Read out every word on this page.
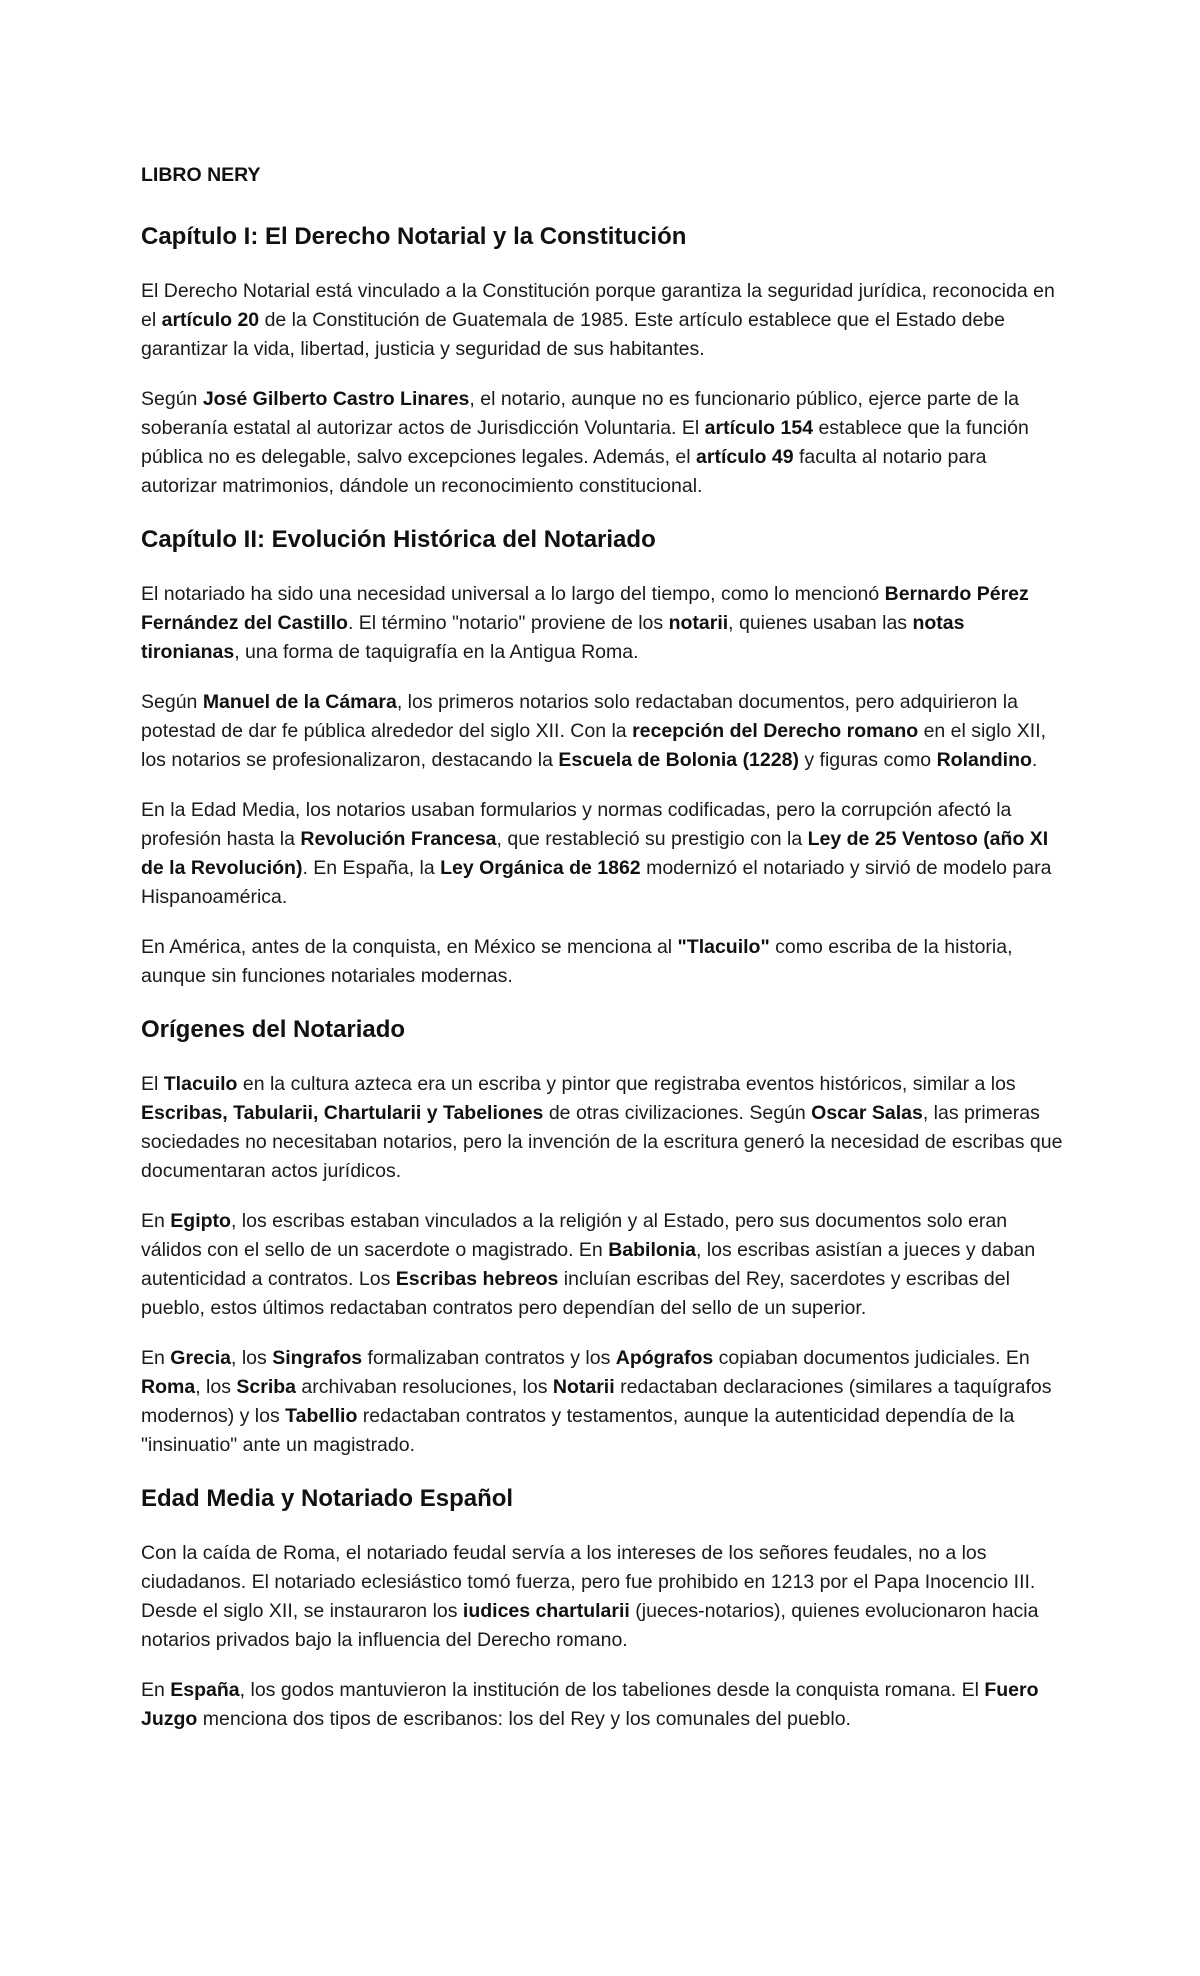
LIBRO NERY
Capítulo I: El Derecho Notarial y la Constitución

El Derecho Notarial está vinculado a la Constitución porque garantiza la seguridad jurídica, reconocida en el artículo 20 de la Constitución de Guatemala de 1985. Este artículo establece que el Estado debe garantizar la vida, libertad, justicia y seguridad de sus habitantes.

Según José Gilberto Castro Linares, el notario, aunque no es funcionario público, ejerce parte de la soberanía estatal al autorizar actos de Jurisdicción Voluntaria. El artículo 154 establece que la función pública no es delegable, salvo excepciones legales. Además, el artículo 49 faculta al notario para autorizar matrimonios, dándole un reconocimiento constitucional.

Capítulo II: Evolución Histórica del Notariado

El notariado ha sido una necesidad universal a lo largo del tiempo, como lo mencionó Bernardo Pérez Fernández del Castillo. El término "notario" proviene de los notarii, quienes usaban las notas tironianas, una forma de taquigrafía en la Antigua Roma.

Según Manuel de la Cámara, los primeros notarios solo redactaban documentos, pero adquirieron la potestad de dar fe pública alrededor del siglo XII. Con la recepción del Derecho romano en el siglo XII, los notarios se profesionalizaron, destacando la Escuela de Bolonia (1228) y figuras como Rolandino.

En la Edad Media, los notarios usaban formularios y normas codificadas, pero la corrupción afectó la profesión hasta la Revolución Francesa, que restableció su prestigio con la Ley de 25 Ventoso (año XI de la Revolución). En España, la Ley Orgánica de 1862 modernizó el notariado y sirvió de modelo para Hispanoamérica.

En América, antes de la conquista, en México se menciona al "Tlacuilo" como escriba de la historia, aunque sin funciones notariales modernas.

Orígenes del Notariado

El Tlacuilo en la cultura azteca era un escriba y pintor que registraba eventos históricos, similar a los Escribas, Tabularii, Chartularii y Tabeliones de otras civilizaciones. Según Oscar Salas, las primeras sociedades no necesitaban notarios, pero la invención de la escritura generó la necesidad de escribas que documentaran actos jurídicos.

En Egipto, los escribas estaban vinculados a la religión y al Estado, pero sus documentos solo eran válidos con el sello de un sacerdote o magistrado. En Babilonia, los escribas asistían a jueces y daban autenticidad a contratos. Los Escribas hebreos incluían escribas del Rey, sacerdotes y escribas del pueblo, estos últimos redactaban contratos pero dependían del sello de un superior.

En Grecia, los Singrafos formalizaban contratos y los Apógrafos copiaban documentos judiciales. En Roma, los Scriba archivaban resoluciones, los Notarii redactaban declaraciones (similares a taquígrafos modernos) y los Tabellio redactaban contratos y testamentos, aunque la autenticidad dependía de la "insinuatio" ante un magistrado.

Edad Media y Notariado Español

Con la caída de Roma, el notariado feudal servía a los intereses de los señores feudales, no a los ciudadanos. El notariado eclesiástico tomó fuerza, pero fue prohibido en 1213 por el Papa Inocencio III. Desde el siglo XII, se instauraron los iudices chartularii (jueces-notarios), quienes evolucionaron hacia notarios privados bajo la influencia del Derecho romano.

En España, los godos mantuvieron la institución de los tabeliones desde la conquista romana. El Fuero Juzgo menciona dos tipos de escribanos: los del Rey y los comunales del pueblo.
